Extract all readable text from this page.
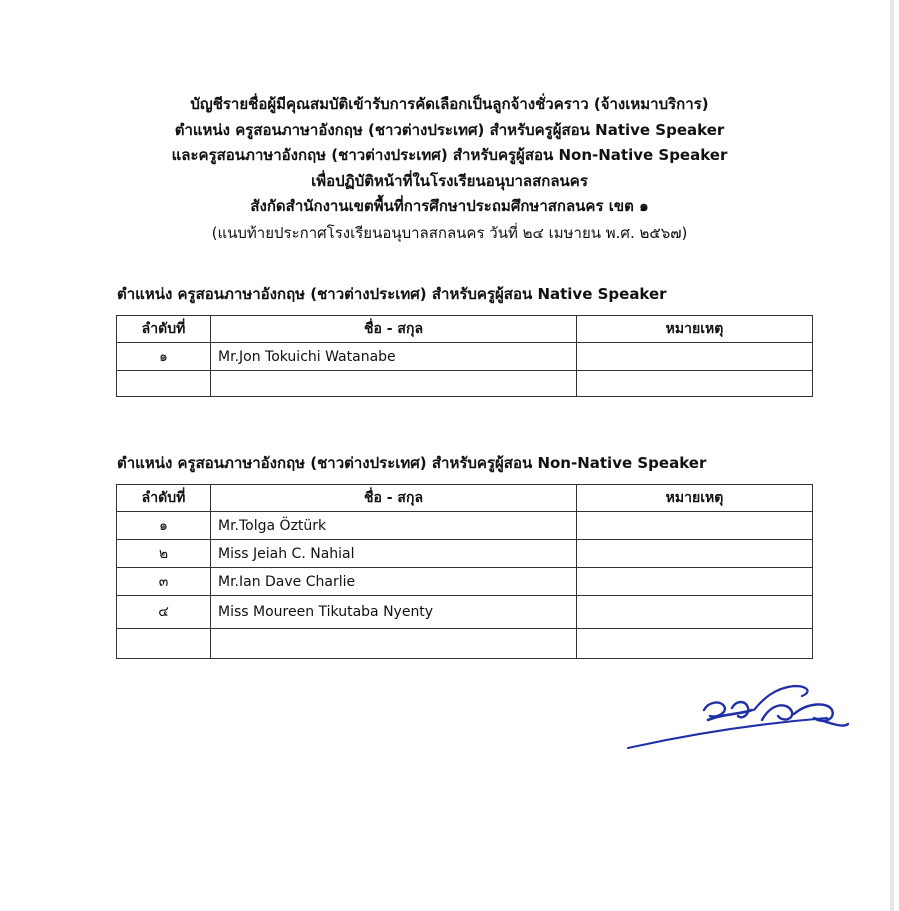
บัญชีรายชื่อผู้มีคุณสมบัติเข้ารับการคัดเลือกเป็นลูกจ้างชั่วคราว (จ้างเหมาบริการ)
ตำแหน่ง ครูสอนภาษาอังกฤษ (ชาวต่างประเทศ) สำหรับครูผู้สอน Native Speaker
และครูสอนภาษาอังกฤษ (ชาวต่างประเทศ) สำหรับครูผู้สอน Non-Native Speaker
เพื่อปฏิบัติหน้าที่ในโรงเรียนอนุบาลสกลนคร
สังกัดสำนักงานเขตพื้นที่การศึกษาประถมศึกษาสกลนคร เขต ๑
(แนบท้ายประกาศโรงเรียนอนุบาลสกลนคร วันที่ ๒๔ เมษายน พ.ศ. ๒๕๖๗)
ตำแหน่ง ครูสอนภาษาอังกฤษ (ชาวต่างประเทศ) สำหรับครูผู้สอน Native Speaker
ลำดับที่	ชื่อ - สกุล	หมายเหตุ
๑	Mr.Jon Tokuichi Watanabe	

ตำแหน่ง ครูสอนภาษาอังกฤษ (ชาวต่างประเทศ) สำหรับครูผู้สอน Non-Native Speaker
ลำดับที่	ชื่อ - สกุล	หมายเหตุ
๑	Mr.Tolga Öztürk	
๒	Miss Jeiah C. Nahial	
๓	Mr.Ian Dave Charlie	
๔	Miss Moureen Tikutaba Nyenty	
